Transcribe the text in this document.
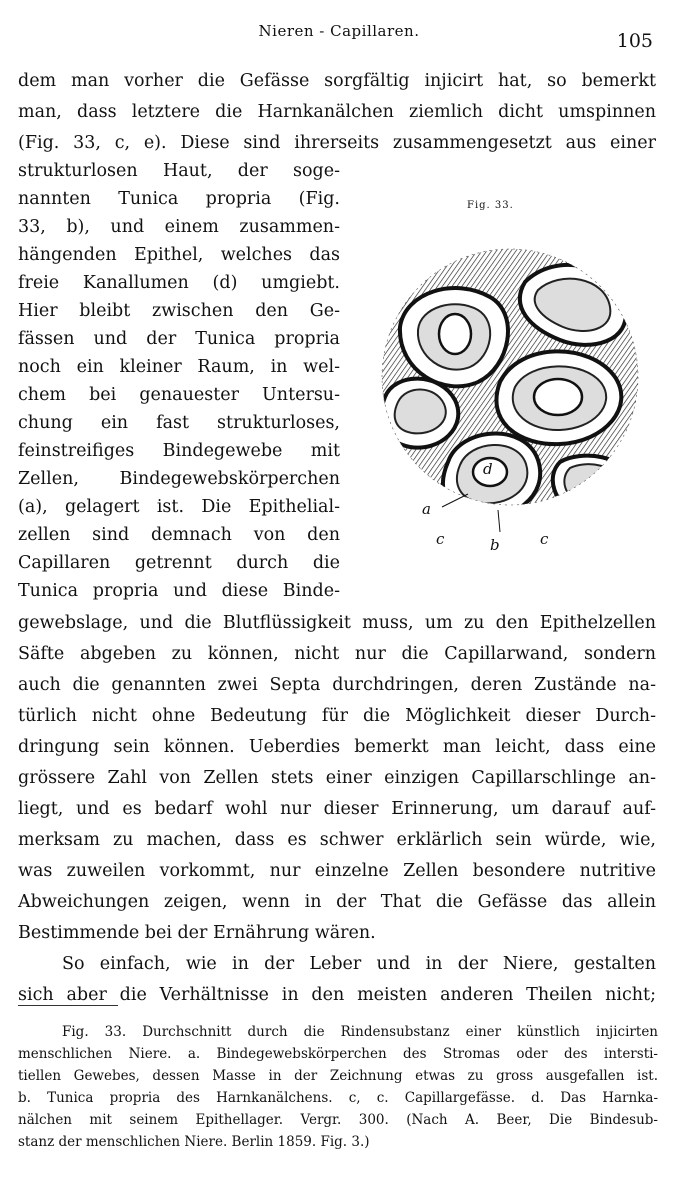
Nieren - Capillaren.	105
dem man vorher die Gefässe sorgfältig injicirt hat, so bemerkt
man, dass letztere die Harnkanälchen ziemlich dicht umspinnen
(Fig. 33, c, e). Diese sind ihrerseits zusammengesetzt aus einer
strukturlosen Haut, der soge-
nannten Tunica propria (Fig.
33, b), und einem zusammen-
hängenden Epithel, welches das
freie Kanallumen (d) umgiebt.
Hier bleibt zwischen den Ge-
fässen und der Tunica propria
noch ein kleiner Raum, in wel-
chem bei genauester Untersu-
chung ein fast strukturloses,
feinstreifiges Bindegewebe mit
Zellen, Bindegewebskörperchen
(a), gelagert ist. Die Epithelial-
zellen sind demnach von den
Capillaren getrennt durch die
Tunica propria und diese Binde-
gewebslage, und die Blutflüssigkeit muss, um zu den Epithelzellen
Säfte abgeben zu können, nicht nur die Capillarwand, sondern
auch die genannten zwei Septa durchdringen, deren Zustände na-
türlich nicht ohne Bedeutung für die Möglichkeit dieser Durch-
dringung sein können. Ueberdies bemerkt man leicht, dass eine
grössere Zahl von Zellen stets einer einzigen Capillarschlinge an-
liegt, und es bedarf wohl nur dieser Erinnerung, um darauf auf-
merksam zu machen, dass es schwer erklärlich sein würde, wie,
was zuweilen vorkommt, nur einzelne Zellen besondere nutritive
Abweichungen zeigen, wenn in der That die Gefässe das allein
Bestimmende bei der Ernährung wären.
So einfach, wie in der Leber und in der Niere, gestalten
sich aber die Verhältnisse in den meisten anderen Theilen nicht;
Fig. 33.
d
a
c	b	c
Fig. 33. Durchschnitt durch die Rindensubstanz einer künstlich injicirten
menschlichen Niere. a. Bindegewebskörperchen des Stromas oder des intersti-
tiellen Gewebes, dessen Masse in der Zeichnung etwas zu gross ausgefallen ist.
b. Tunica propria des Harnkanälchens. c, c. Capillargefässe. d. Das Harnka-
nälchen mit seinem Epithellager. Vergr. 300. (Nach A. Beer, Die Bindesub-
stanz der menschlichen Niere. Berlin 1859. Fig. 3.)
